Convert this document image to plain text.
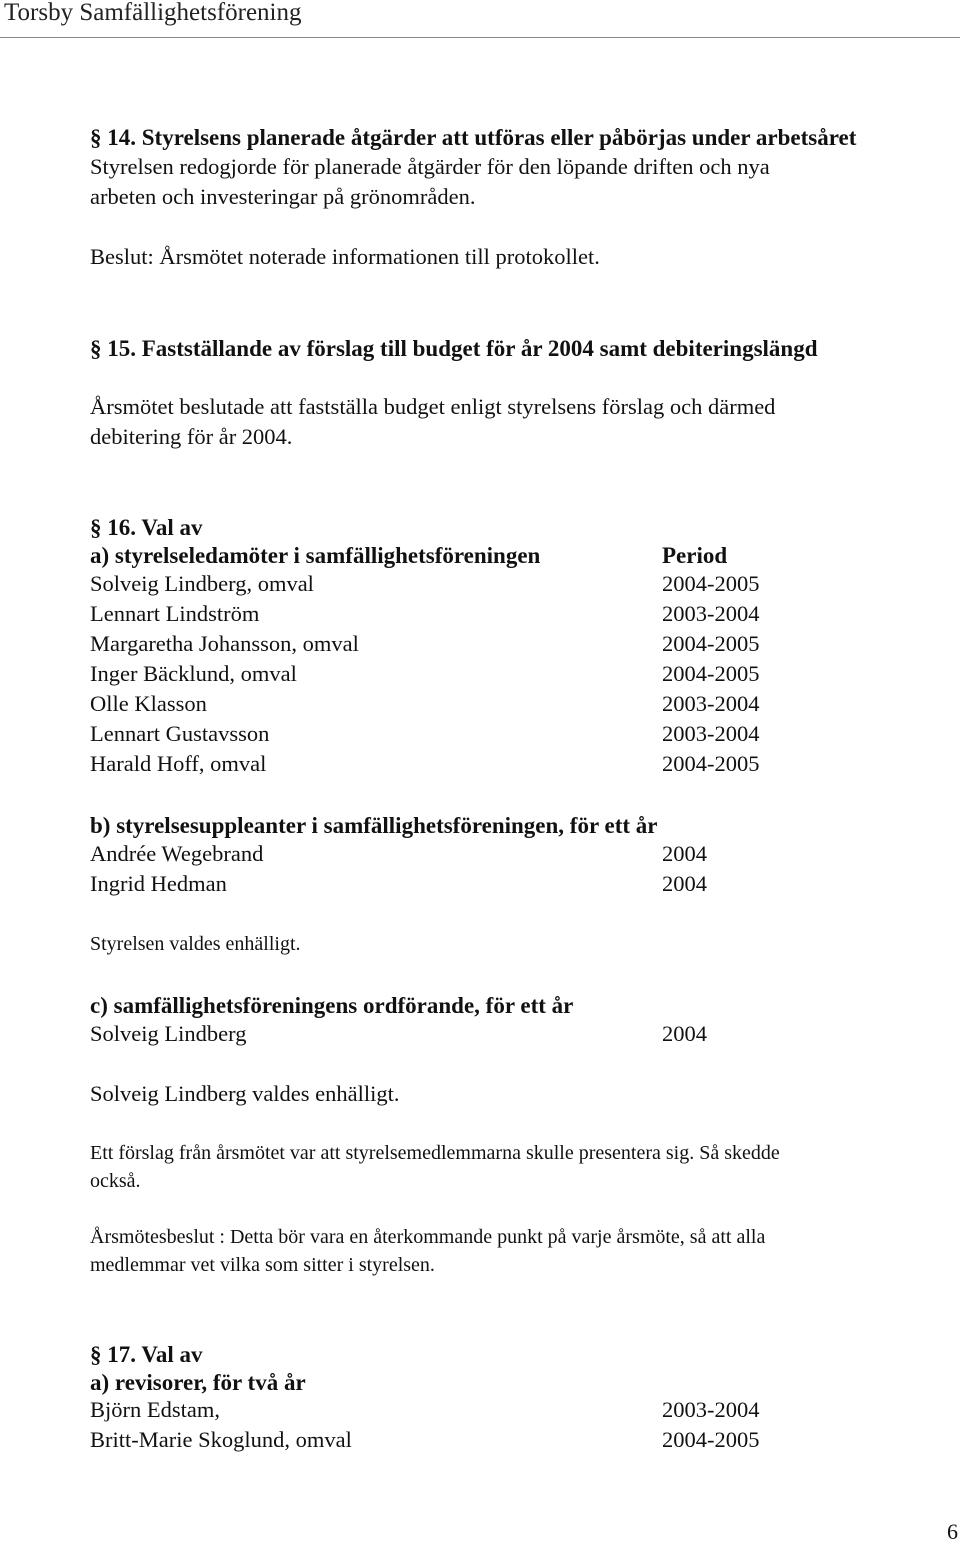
Torsby Samfällighetsförening
§ 14. Styrelsens planerade åtgärder att utföras eller påbörjas under arbetsåret
Styrelsen redogjorde för planerade åtgärder för den löpande driften och nya
arbeten och investeringar på grönområden.
Beslut: Årsmötet noterade informationen till protokollet.
§ 15. Fastställande av förslag till budget för år 2004 samt debiteringslängd
Årsmötet beslutade att fastställa budget enligt styrelsens förslag och därmed
debitering för år 2004.
§ 16. Val av
a) styrelseledamöter i samfällighetsföreningen	Period
Solveig Lindberg, omval	2004-2005
Lennart Lindström	2003-2004
Margaretha Johansson, omval	2004-2005
Inger Bäcklund, omval	2004-2005
Olle Klasson	2003-2004
Lennart Gustavsson	2003-2004
Harald Hoff, omval	2004-2005
b) styrelsesuppleanter i samfällighetsföreningen, för ett år
Andrée Wegebrand	2004
Ingrid Hedman	2004
Styrelsen valdes enhälligt.
c) samfällighetsföreningens ordförande, för ett år
Solveig Lindberg	2004
Solveig Lindberg valdes enhälligt.
Ett förslag från årsmötet var att styrelsemedlemmarna skulle presentera sig. Så skedde
också.
Årsmötesbeslut : Detta bör vara en återkommande punkt på varje årsmöte, så att alla
medlemmar vet vilka som sitter i styrelsen.
§ 17. Val av
a) revisorer, för två år
Björn Edstam,	2003-2004
Britt-Marie Skoglund, omval	2004-2005
6
